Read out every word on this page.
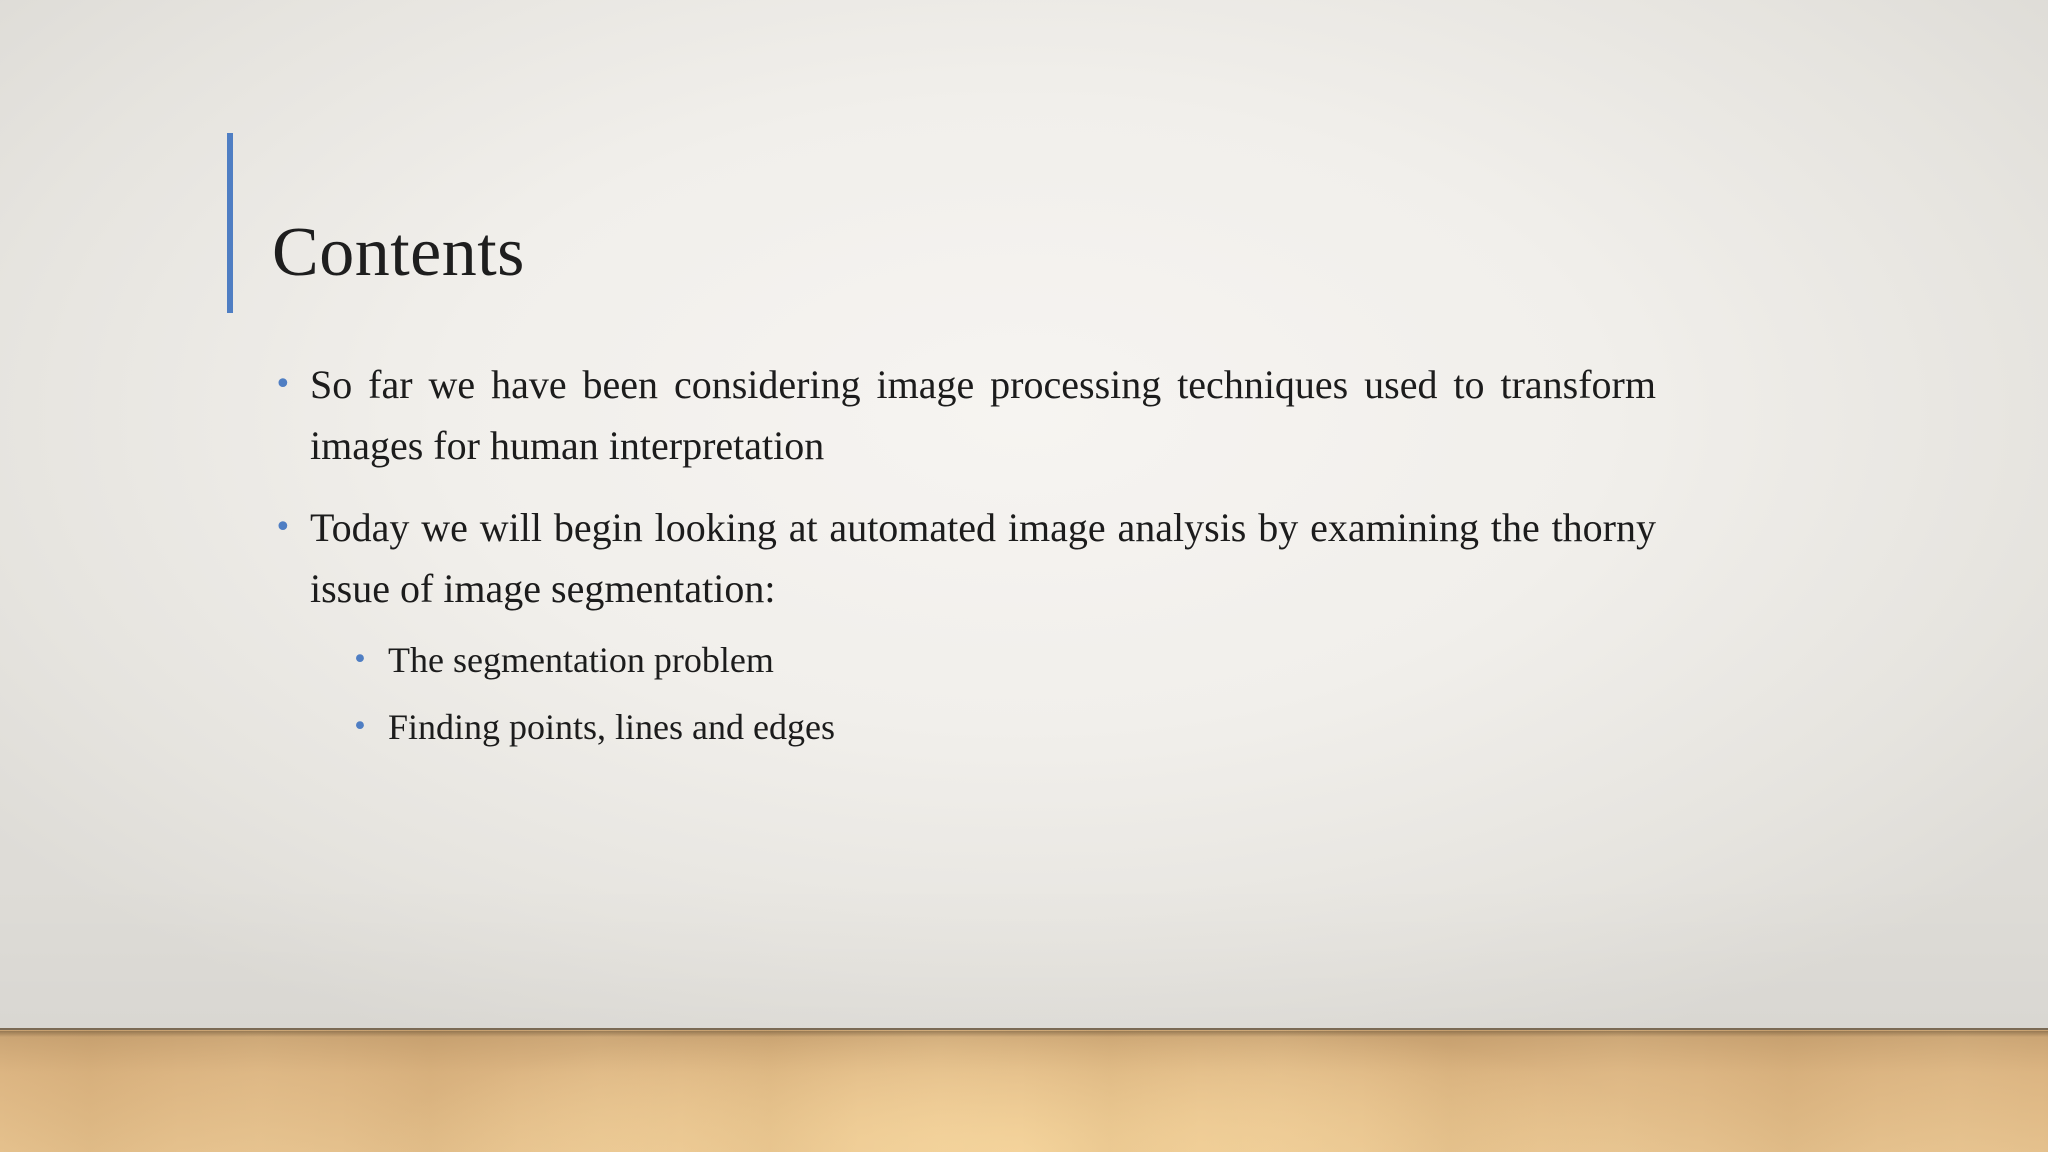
Contents
• So far we have been considering image processing techniques used to transform images for human interpretation
• Today we will begin looking at automated image analysis by examining the thorny issue of image segmentation:
• The segmentation problem
• Finding points, lines and edges
